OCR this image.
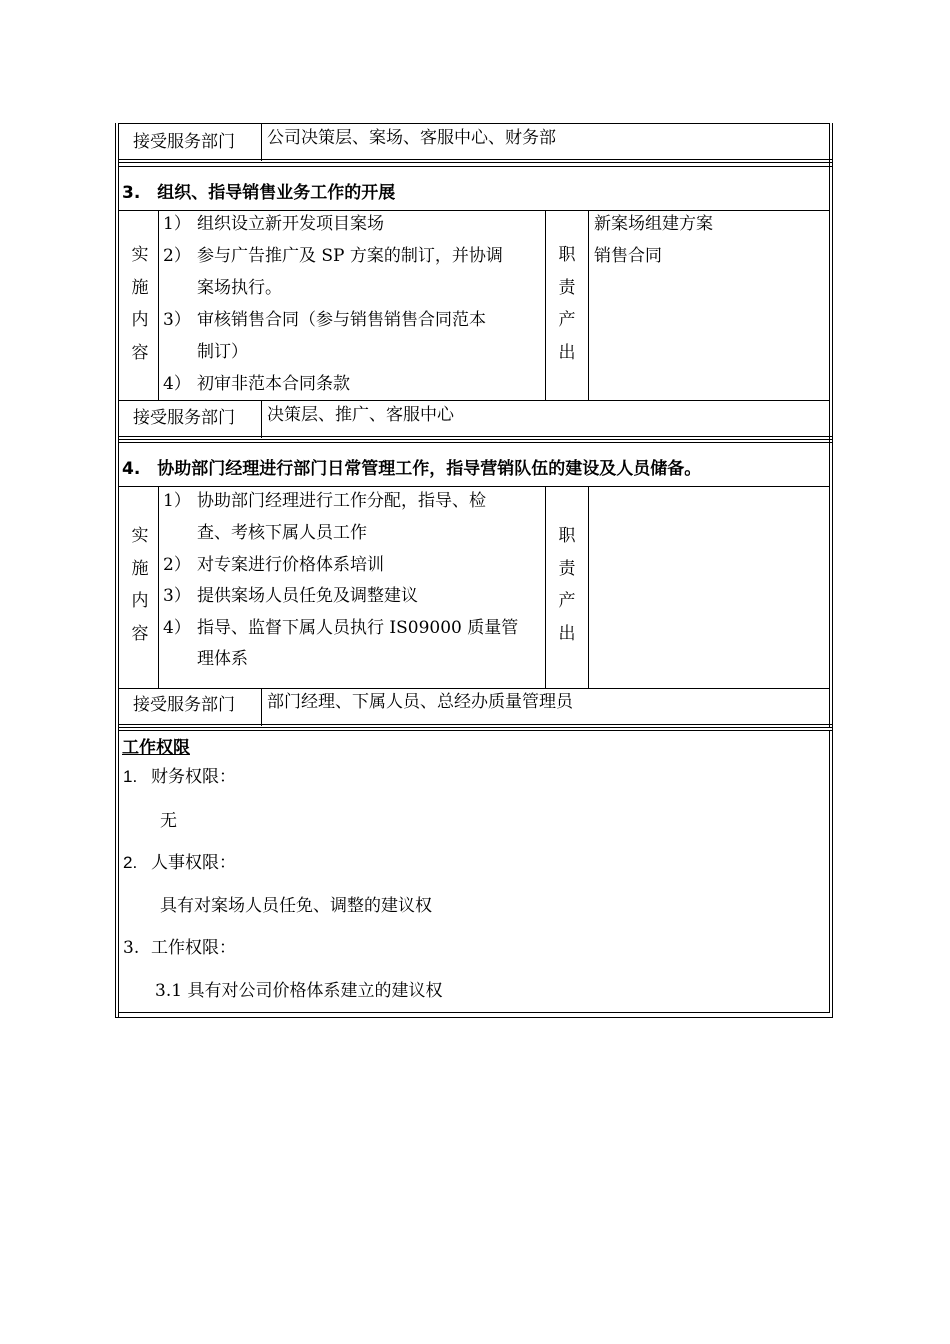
接受服务部门 公司决策层、案场、客服中心、财务部
3.　组织、指导销售业务工作的开展
实
施
内
容
1） 组织设立新开发项目案场
2） 参与广告推广及 SP 方案的制订，并协调
案场执行。
3） 审核销售合同（参与销售销售合同范本
制订）
4） 初审非范本合同条款
职
责
产
出
新案场组建方案
销售合同
接受服务部门 决策层、推广、客服中心
4.　协助部门经理进行部门日常管理工作，指导营销队伍的建设及人员储备。
实
施
内
容
1） 协助部门经理进行工作分配，指导、检
查、考核下属人员工作
2） 对专案进行价格体系培训
3） 提供案场人员任免及调整建议
4） 指导、监督下属人员执行 IS09000 质量管
理体系
职
责
产
出
接受服务部门 部门经理、下属人员、总经办质量管理员
工作权限
1. 财务权限：
无
2. 人事权限：
具有对案场人员任免、调整的建议权
3. 工作权限：
3.1 具有对公司价格体系建立的建议权
